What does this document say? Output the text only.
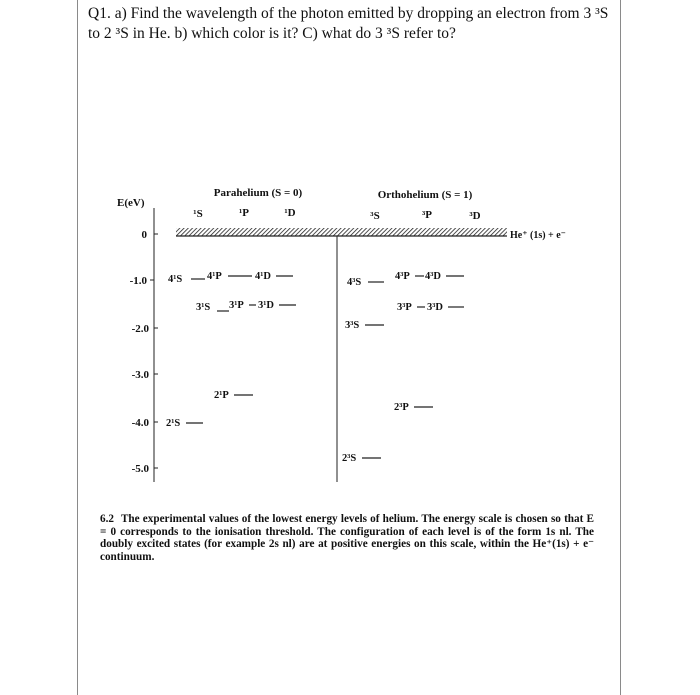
Q1. a) Find the wavelength of the photon emitted by dropping an electron from 3 ³S
to 2 ³S in He. b) which color is it? C) what do 3 ³S refer to?
Parahelium (S = 0)	Orthohelium (S = 1)
E(eV)
¹S	¹P	¹D	³S	³P	³D
0
-1.0
-2.0
-3.0
-4.0
-5.0
He⁺ (1s) + e⁻
4¹S 4¹P	4¹D
3¹S 3¹P 3¹D
2¹P
2¹S
4³S
4³P 4³D
3³P 3³D
3³S
2³P
2³S
6.2 The experimental values of the lowest energy levels of helium. The energy scale is chosen so that E = 0 corresponds to the ionisation threshold. The configuration of each level is of the form 1s nl. The doubly excited states (for example 2s nl) are at positive energies on this scale, within the He⁺(1s) + e⁻ continuum.
